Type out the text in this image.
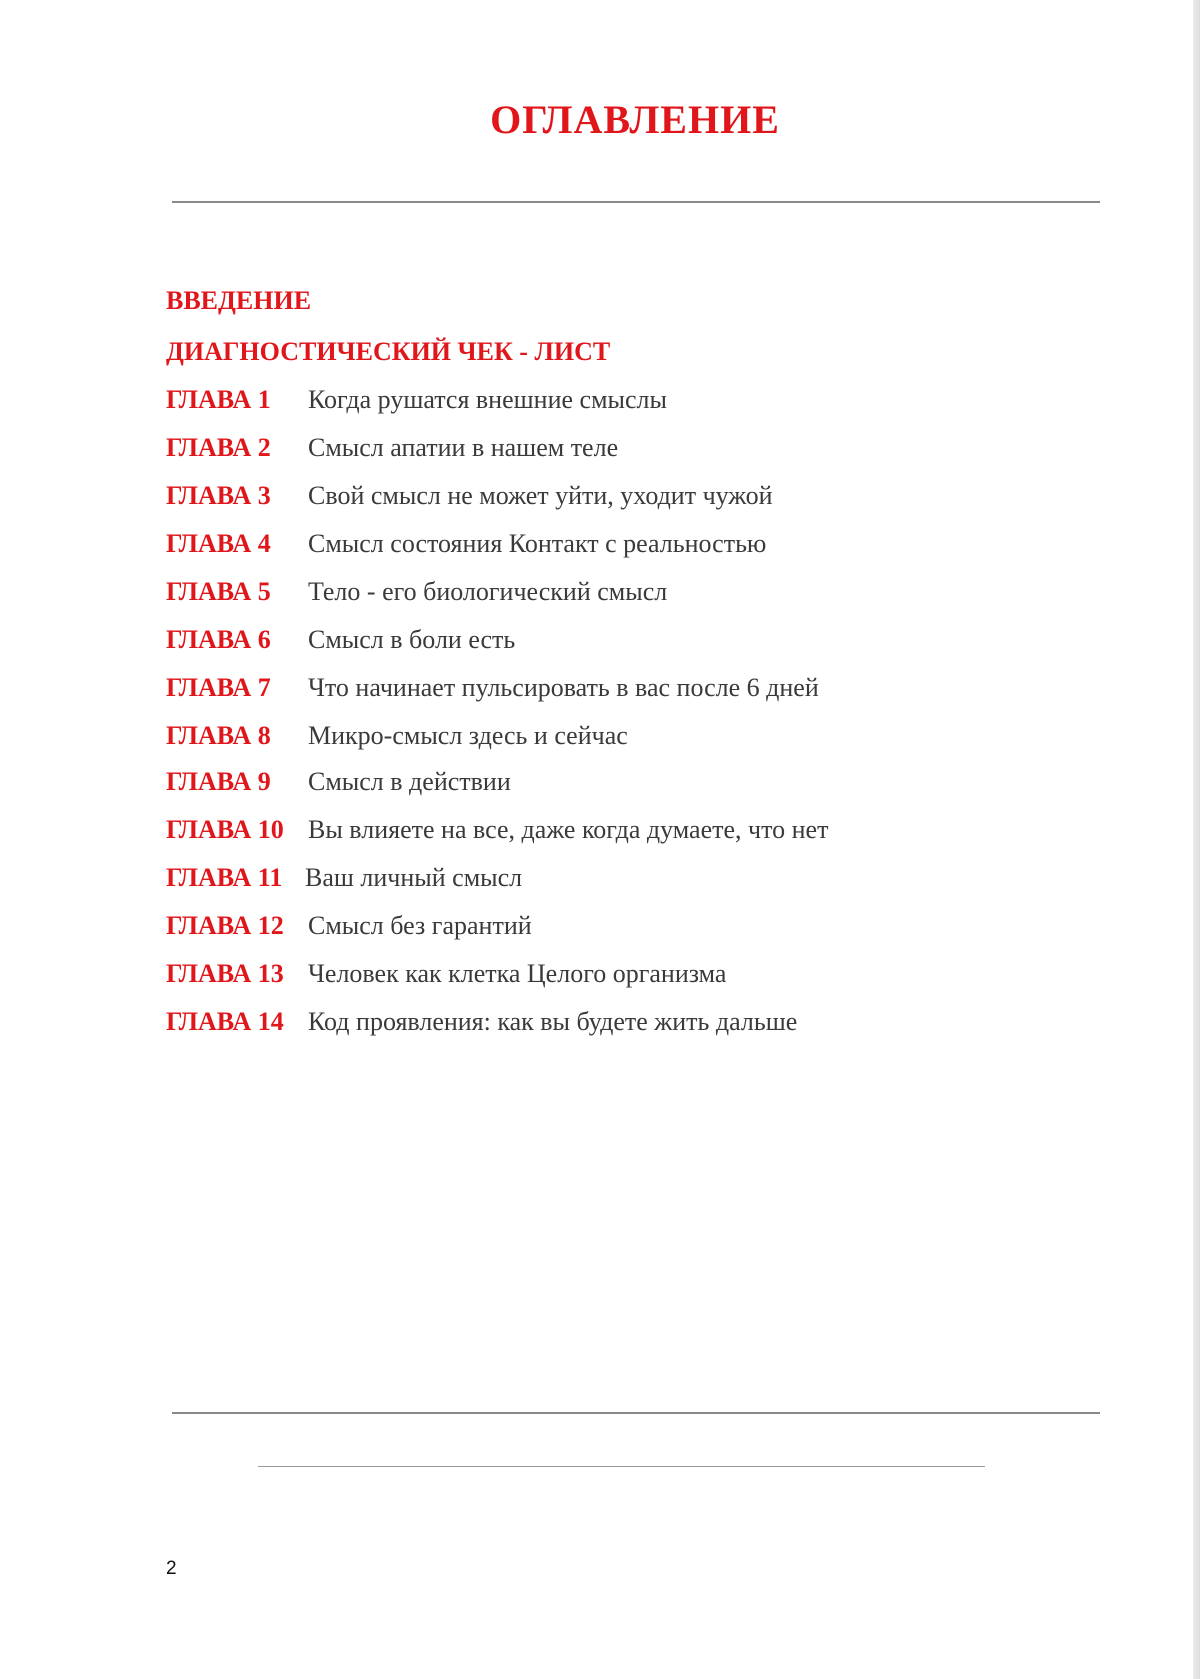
ОГЛАВЛЕНИЕ
ВВЕДЕНИЕ
ДИАГНОСТИЧЕСКИЙ ЧЕК - ЛИСТ
ГЛАВА 1	Когда рушатся внешние смыслы
ГЛАВА 2	Смысл апатии в нашем теле
ГЛАВА 3	Свой смысл не может уйти, уходит чужой
ГЛАВА 4	Смысл состояния Контакт с реальностью
ГЛАВА 5	Тело - его биологический смысл
ГЛАВА 6	Смысл в боли есть
ГЛАВА 7	Что начинает пульсировать в вас после 6 дней
ГЛАВА 8	Микро-смысл здесь и сейчас
ГЛАВА 9	Смысл в действии
ГЛАВА 10 Вы влияете на все, даже когда думаете, что нет
ГЛАВА 11 Ваш личный смысл
ГЛАВА 12 Смысл без гарантий
ГЛАВА 13 Человек как клетка Целого организма
ГЛАВА 14 Код проявления: как вы будете жить дальше
2
